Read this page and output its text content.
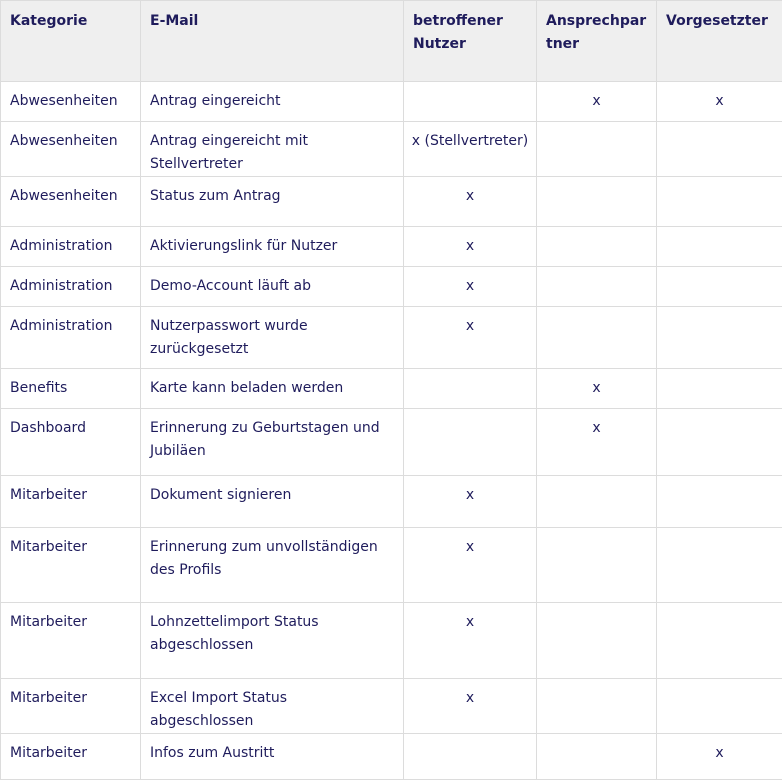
Kategorie	E-Mail	betroffener Nutzer	Ansprechpartner	Vorgesetzter
Abwesenheiten	Antrag eingereicht		x	x
Abwesenheiten	Antrag eingereicht mit Stellvertreter	x (Stellvertreter)		
Abwesenheiten	Status zum Antrag	x		
Administration	Aktivierungslink für Nutzer	x		
Administration	Demo-Account läuft ab	x		
Administration	Nutzerpasswort wurde zurückgesetzt	x		
Benefits	Karte kann beladen werden		x	
Dashboard	Erinnerung zu Geburtstagen und Jubiläen		x	
Mitarbeiter	Dokument signieren	x		
Mitarbeiter	Erinnerung zum unvollständigen des Profils	x		
Mitarbeiter	Lohnzettelimport Status abgeschlossen	x		
Mitarbeiter	Excel Import Status abgeschlossen	x		
Mitarbeiter	Infos zum Austritt			x
